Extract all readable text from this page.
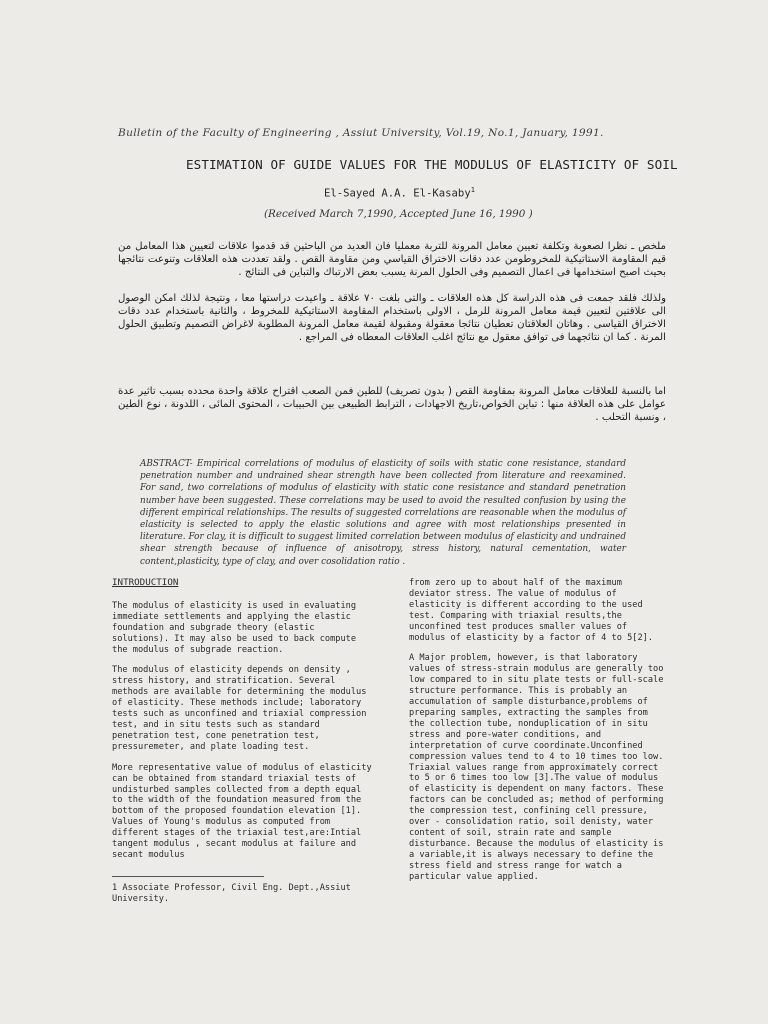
Bulletin of the Faculty of Engineering , Assiut University, Vol.19, No.1, January, 1991.
ESTIMATION OF GUIDE VALUES FOR THE MODULUS OF ELASTICITY OF SOIL
El-Sayed A.A. El-Kasaby$^1$
(Received March 7,1990, Accepted June 16, 1990 )

ملخص ـ نظرا لصعوبة وتكلفة تعيين معامل المرونة للتربة معمليا فان العديد من الباحثين قد قدموا علاقات لتعيين هذا المعامل من قيم المقاومة الاستاتيكية للمخروطومن عدد دقات الاختراق القياسي ومن مقاومة القص . ولقد تعددت هذه العلاقات وتنوعت نتائجها بحيث اصبح استخدامها فى اعمال التصميم وفى الحلول المرنة يسبب بعض الارتباك والتباين فى النتائج .

ولذلك فلقد جمعت فى هذه الدراسة كل هذه العلاقات ـ والتى بلغت ٧٠ علاقة ـ واعيدت دراستها معا ، ونتيجة لذلك امكن الوصول الى علاقتين لتعيين قيمة معامل المرونة للرمل ، الاولى باستخدام المقاومة الاستاتيكية للمخروط ، والثانية باستخدام عدد دقات الاختراق القياسى . وهاتان العلاقتان تعطيان نتائجا معقولة ومقبولة لقيمة معامل المرونة المطلوبة لاغراض التصميم وتطبيق الحلول المرنة . كما ان نتائجهما فى توافق معقول مع نتائج اغلب العلاقات المعطاه فى المراجع .

اما بالنسبة للعلاقات معامل المرونة بمقاومة القص ( بدون تصريف) للطين فمن الصعب اقتراح علاقة واحدة محدده بسبب تاثير عدة عوامل على هذه العلاقة منها : تباين الخواص،تاريخ الاجهادات ، الترابط الطبيعى بين الحبيبات ، المحتوى المائى ، اللدونة ، نوع الطين ، ونسبة التحلب .

ABSTRACT- Empirical correlations of modulus of elasticity of soils with static cone resistance, standard penetration number and undrained shear strength have been collected from literature and reexamined. For sand, two correlations of modulus of elasticity with static cone resistance and standard penetration number have been suggested. These correlations may be used to avoid the resulted confusion by using the different empirical relationships. The results of suggested correlations are reasonable when the modulus of elasticity is selected to apply the elastic solutions and agree with most relationships presented in literature. For clay, it is difficult to suggest limited correlation between modulus of elasticity and undrained shear strength because of influence of anisotropy, stress history, natural cementation, water content,plasticity, type of clay, and over cosolidation ratio .
INTRODUCTION

The modulus of elasticity is used in evaluating immediate settlements and applying the elastic foundation and subgrade theory (elastic solutions). It may also be used to back compute the modulus of subgrade reaction.

The modulus of elasticity depends on density , stress history, and stratification. Several methods are available for determining the modulus of elasticity. These methods include; laboratory tests such as unconfined and triaxial compression test, and in situ tests such as standard penetration test, cone penetration test, pressuremeter, and plate loading test.

More representative value of modulus of elasticity can be obtained from standard triaxial tests of undisturbed samples collected from a depth equal to the width of the foundation measured from the bottom of the proposed foundation elevation [1]. Values of Young's modulus as computed from different stages of the triaxial test,are:Intial tangent modulus , secant modulus at failure and secant modulus

from zero up to about half of the maximum deviator stress. The value of modulus of elasticity is different according to the used test. Comparing with triaxial results,the unconfined test produces smaller values of modulus of elasticity by a factor of 4 to 5[2].

A Major problem, however, is that laboratory values of stress-strain modulus are generally too low compared to in situ plate tests or full-scale structure performance. This is probably an accumulation of sample disturbance,problems of preparing samples, extracting the samples from the collection tube, nonduplication of in situ stress and pore-water conditions, and interpretation of curve coordinate.Unconfined compression values tend to 4 to 10 times too low. Triaxial values range from approximately correct to 5 or 6 times too low [3].The value of modulus of elasticity is dependent on many factors. These factors can be concluded as; method of performing the compression test, confining cell pressure, over - consolidation ratio, soil denisty, water content of soil, strain rate and sample disturbance. Because the modulus of elasticity is a variable,it is always necessary to define the stress field and stress range for watch a particular value applied.

1 Associate Professor, Civil Eng. Dept.,Assiut University.
